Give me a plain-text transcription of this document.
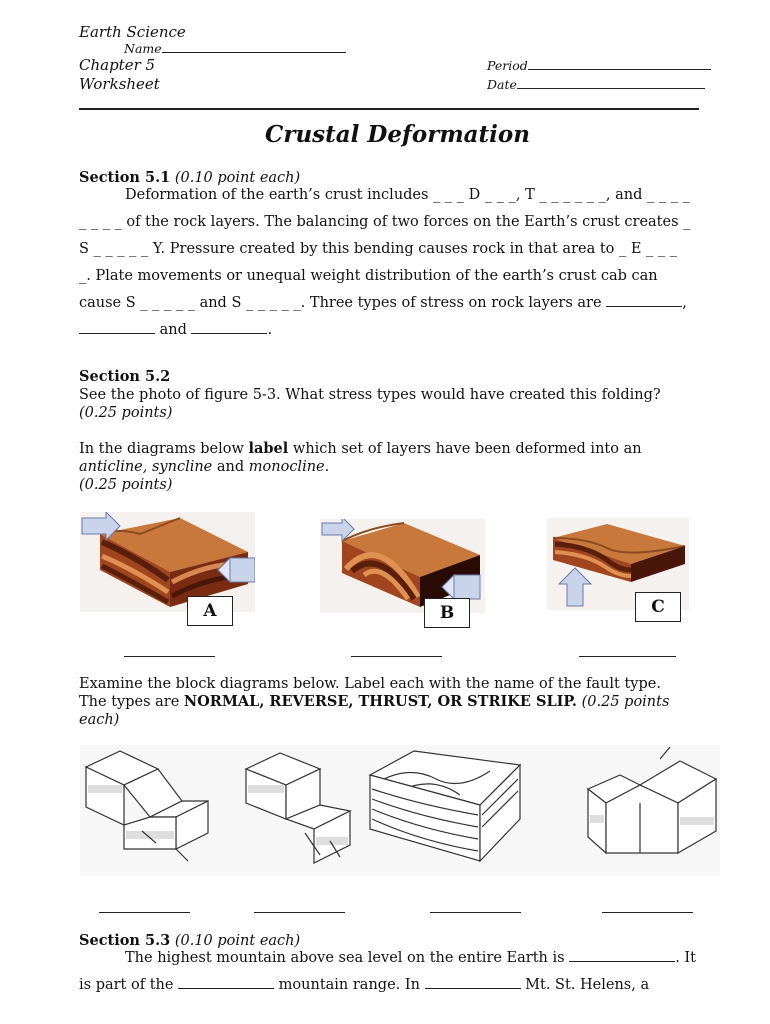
Earth Science
Name
Chapter 5
Worksheet
Period
Date
Crustal Deformation
Section 5.1 (0.10 point each)
Deformation of the earth’s crust includes _ _ _ D _ _ _, T _ _ _ _ _ _, and _ _ _ _
_ _ _ _ of the rock layers. The balancing of two forces on the Earth’s crust creates _
S _ _ _ _ _ Y. Pressure created by this bending causes rock in that area to _ E _ _ _
_. Plate movements or unequal weight distribution of the earth’s crust cab can
cause S _ _ _ _ _ and S _ _ _ _ _. Three types of stress on rock layers are	,
and	.
Section 5.2
See the photo of figure 5-3. What stress types would have created this folding?
(0.25 points)
In the diagrams below label which set of layers have been deformed into an
anticline, syncline and monocline.
(0.25 points)
A	B	C
Examine the block diagrams below. Label each with the name of the fault type.
The types are NORMAL, REVERSE, THRUST, OR STRIKE SLIP. (0.25 points
each)
Section 5.3 (0.10 point each)
The highest mountain above sea level on the entire Earth is	. It
is part of the	mountain range. In	Mt. St. Helens, a
